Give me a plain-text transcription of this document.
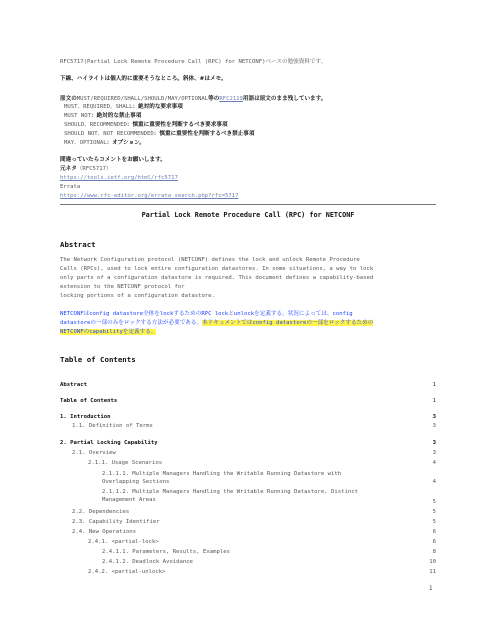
RFC5717(Partial Lock Remote Procedure Call (RPC) for NETCONF)ベースの勉強資料です。
下線、ハイライトは個人的に重要そうなところ。斜体、#はメモ。
原文のMUST/REQUIRED/SHALL/SHOULD/MAY/OPTIONAL等のRFC2119用語は原文のまま残しています。
MUST、REQUIRED、SHALL：絶対的な要求事項
MUST NOT：絶対的な禁止事項
SHOULD、RECOMMENDED：慎重に重要性を判断するべき要求事項
SHOULD NOT、NOT RECOMMENDED：慎重に重要性を判断するべき禁止事項
MAY、OPTIONAL：オプション。
間違っていたらコメントをお願いします。
元ネタ（RFC5717）
https://tools.ietf.org/html/rfc5717
Errata
https://www.rfc-editor.org/errata_search.php?rfc=5717
Partial Lock Remote Procedure Call (RPC) for NETCONF
Abstract
The Network Configuration protocol (NETCONF) defines the lock and unlock Remote Procedure
Calls (RPCs), used to lock entire configuration datastores. In some situations, a way to lock
only parts of a configuration datastore is required. This document defines a capability-based
extension to the NETCONF protocol for
locking portions of a configuration datastore.
NETCONFはconfig datastore全体をlockするためのRPC lockとunlockを定義する。状況によっては、config
datastoreの一部のみをロックする方法が必要である。本ドキュメントではconfig datastoreの一部をロックするための
NETCONFのcapabilityを定義する。
Table of Contents
Abstract	1
Table of Contents	1
1. Introduction	3
1.1. Definition of Terms	3
2. Partial Locking Capability	3
2.1. Overview	3
2.1.1. Usage Scenarios	4
2.1.1.1. Multiple Managers Handling the Writable Running Datastore with
Overlapping Sections	4
2.1.1.2. Multiple Managers Handling the Writable Running Datastore, Distinct
Management Areas	5
2.2. Dependencies	5
2.3. Capability Identifier	5
2.4. New Operations	6
2.4.1. <partial-lock>	6
2.4.1.1. Parameters, Results, Examples	8
2.4.1.2. Deadlock Avoidance	10
2.4.2. <partial-unlock>	11
1
